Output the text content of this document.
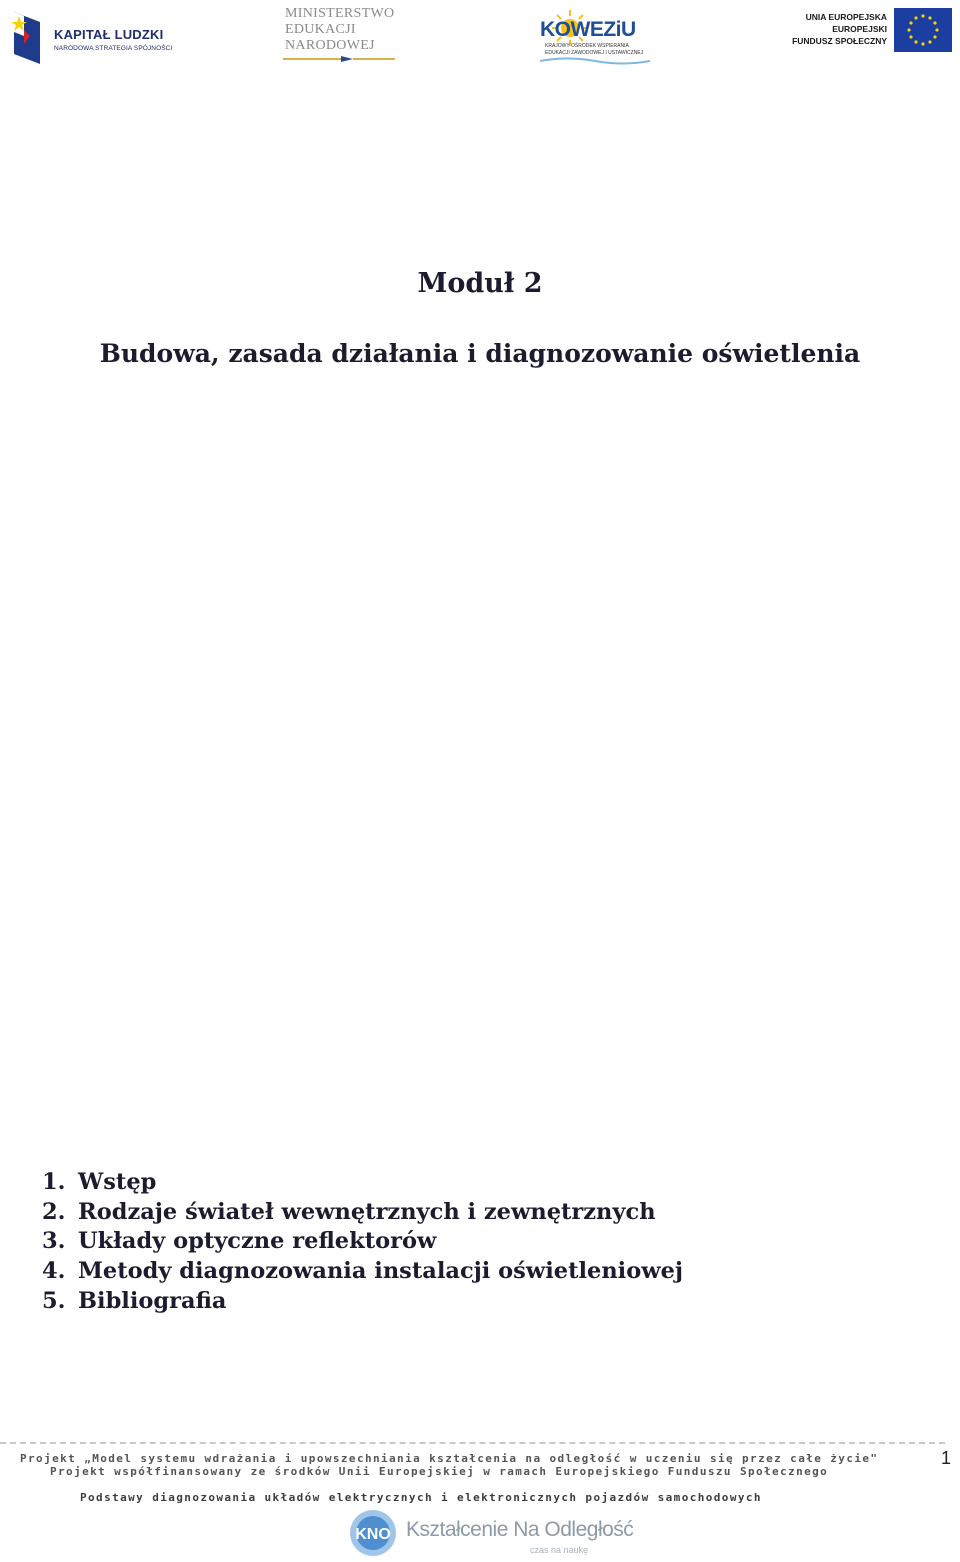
KAPITAŁ LUDZKI
NARODOWA STRATEGIA SPÓJNOŚCI
MINISTERSTWO
EDUKACJI
NARODOWEJ
KOWEZiU
KRAJOWY OŚRODEK WSPIERANIA
EDUKACJI ZAWODOWEJ I USTAWICZNEJ
UNIA EUROPEJSKA
EUROPEJSKI
FUNDUSZ SPOŁECZNY
Moduł 2
Budowa, zasada działania i diagnozowanie oświetlenia
1. Wstęp
2. Rodzaje świateł wewnętrznych i zewnętrznych
3. Układy optyczne reflektorów
4. Metody diagnozowania instalacji oświetleniowej
5. Bibliografia
Projekt „Model systemu wdrażania i upowszechniania kształcenia na odległość w uczeniu się przez całe życie"
Projekt współfinansowany ze środków Unii Europejskiej w ramach Europejskiego Funduszu Społecznego
Podstawy diagnozowania układów elektrycznych i elektronicznych pojazdów samochodowych
1
KNO Kształcenie Na Odległość
czas na naukę
